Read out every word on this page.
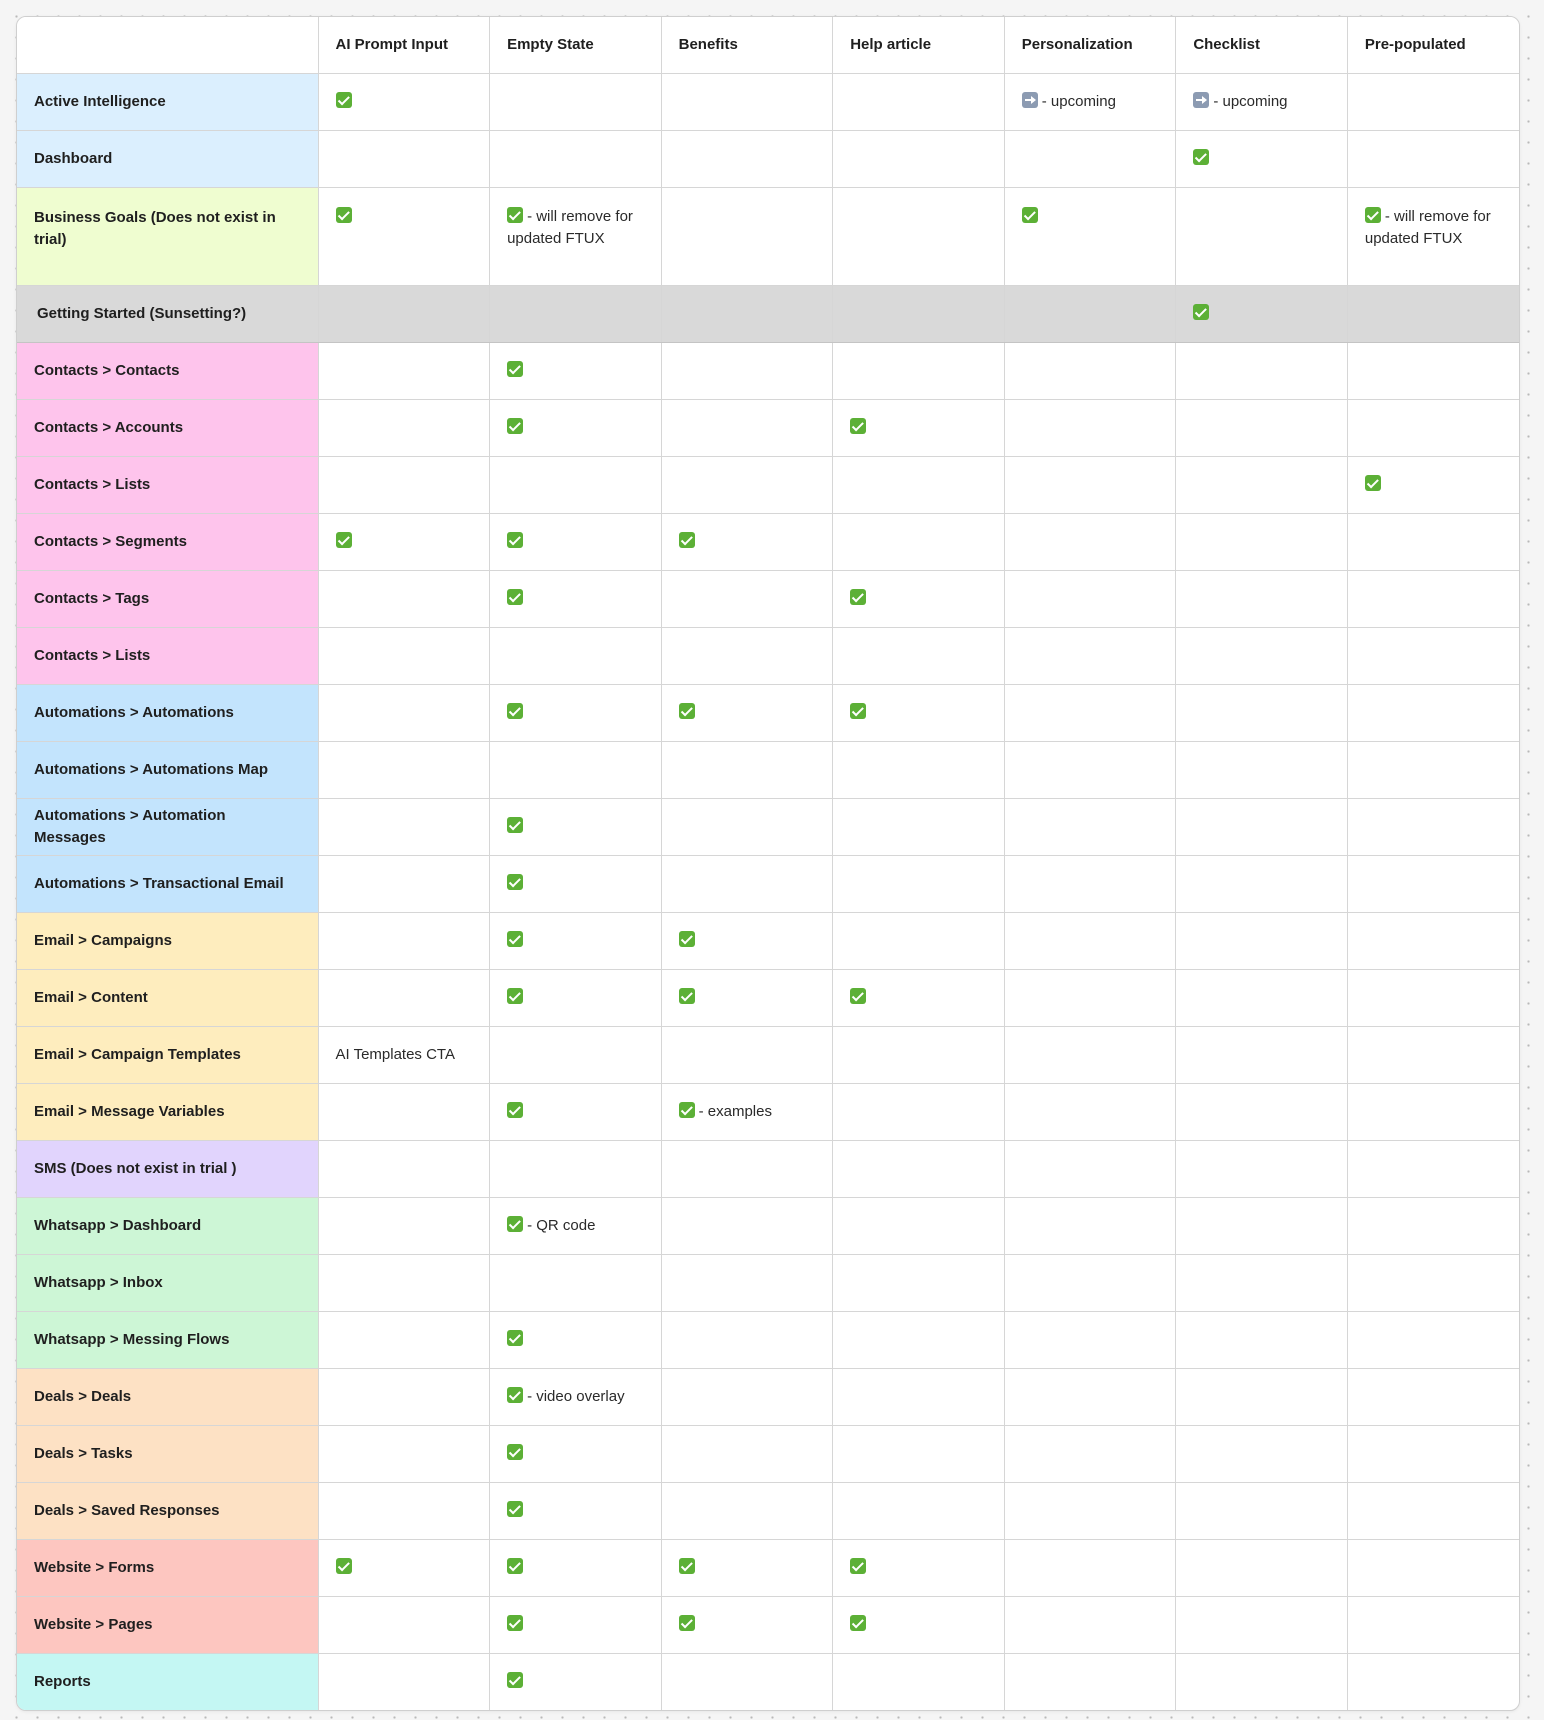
	AI Prompt Input	Empty State	Benefits	Help article	Personalization	Checklist	Pre-populated
Active Intelligence					- upcoming	- upcoming	
Dashboard							
Business Goals (Does not exist in trial)		- will remove for updated FTUX					- will remove for updated FTUX
Getting Started (Sunsetting?)							
Contacts > Contacts							
Contacts > Accounts							
Contacts > Lists							
Contacts > Segments							
Contacts > Tags							
Contacts > Lists							
Automations > Automations							
Automations > Automations Map							
Automations > Automation Messages							
Automations > Transactional Email							
Email > Campaigns							
Email > Content							
Email > Campaign Templates	AI Templates CTA						
Email > Message Variables			- examples				
SMS (Does not exist in trial )							
Whatsapp > Dashboard		- QR code					
Whatsapp > Inbox							
Whatsapp > Messing Flows							
Deals > Deals		- video overlay					
Deals > Tasks							
Deals > Saved Responses							
Website > Forms							
Website > Pages							
Reports							
